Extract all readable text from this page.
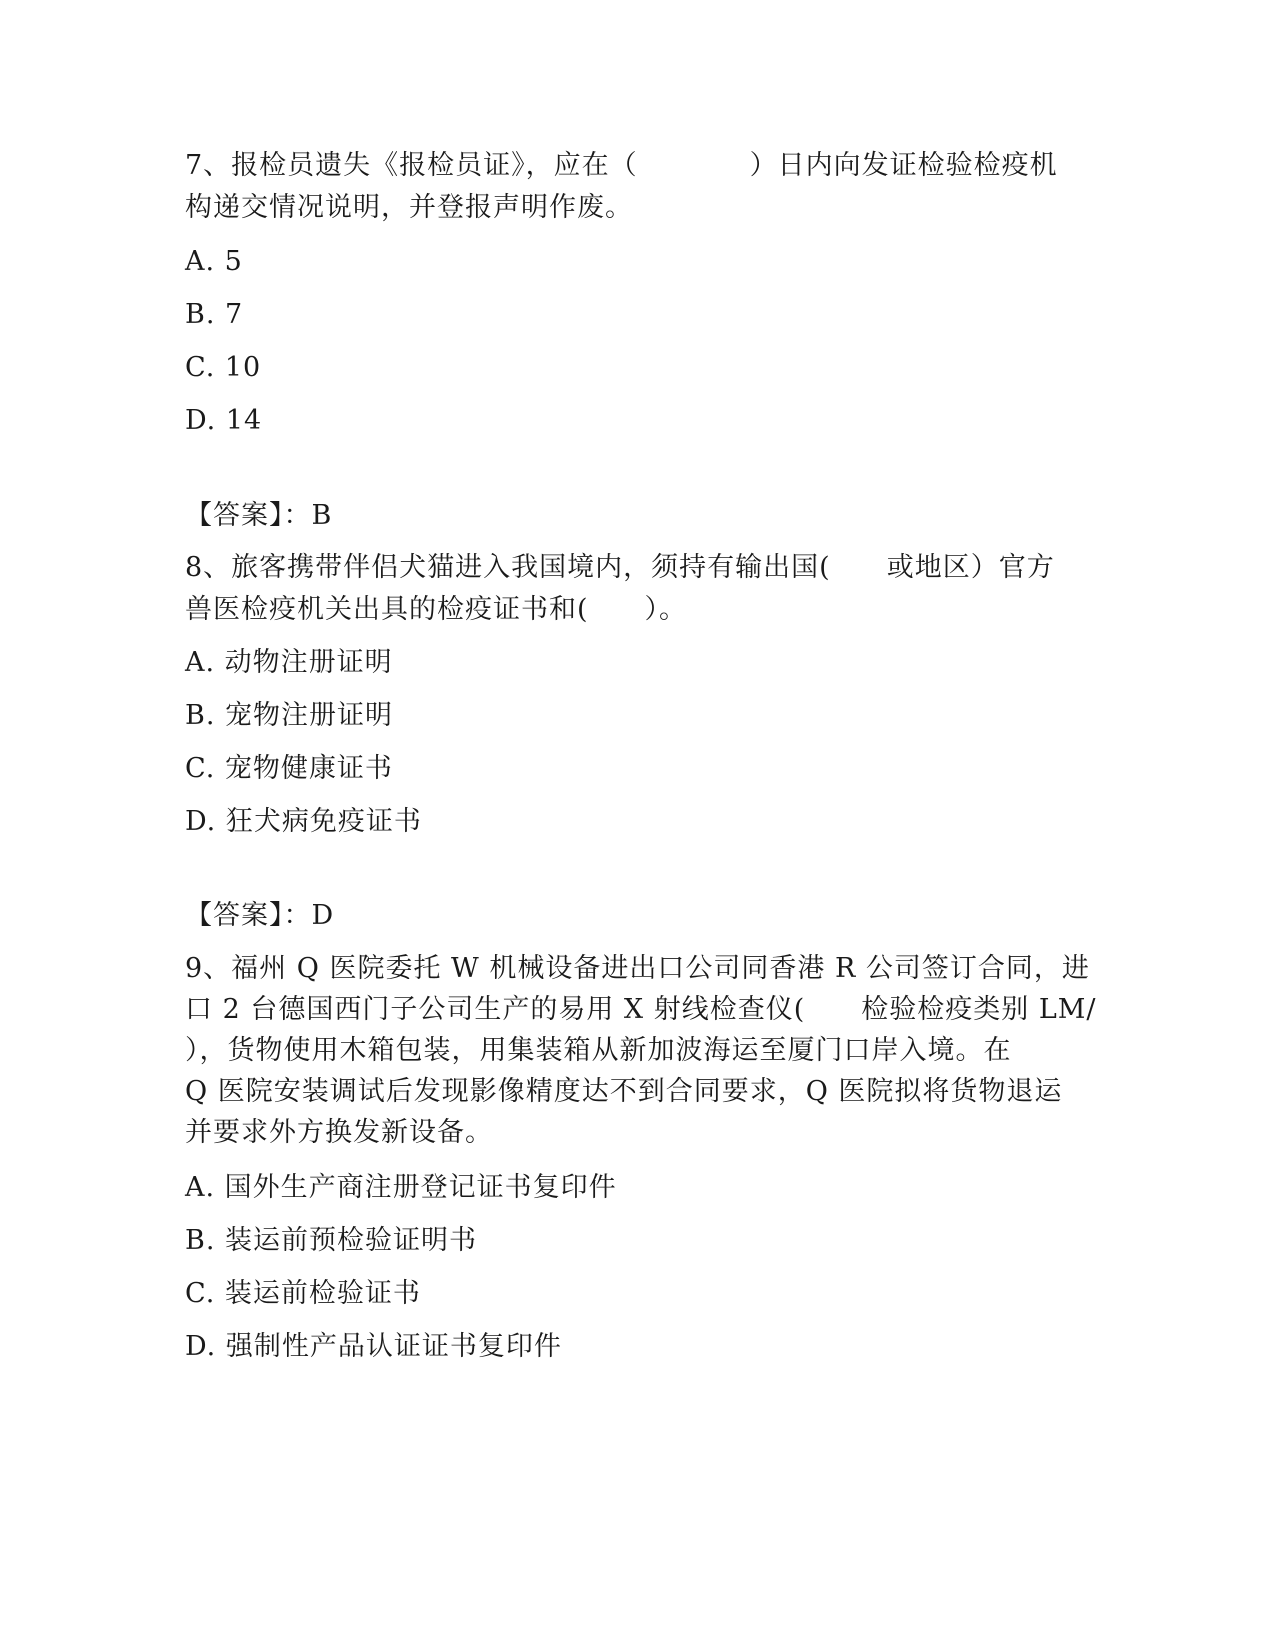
7、报检员遗失《报检员证》，应在（　　　　）日内向发证检验检疫机
构递交情况说明，并登报声明作废。
A. 5
B. 7
C. 10
D. 14
【答案】：B
8、旅客携带伴侣犬猫进入我国境内，须持有输出国(　　或地区）官方
兽医检疫机关出具的检疫证书和(　　）。
A. 动物注册证明
B. 宠物注册证明
C. 宠物健康证书
D. 狂犬病免疫证书
【答案】：D
9、福州 Q 医院委托 W 机械设备进出口公司同香港 R 公司签订合同，进
口 2 台德国西门子公司生产的易用 X 射线检查仪(　　检验检疫类别 LM/
），货物使用木箱包装，用集装箱从新加波海运至厦门口岸入境。在
Q 医院安装调试后发现影像精度达不到合同要求，Q 医院拟将货物退运
并要求外方换发新设备。
A. 国外生产商注册登记证书复印件
B. 装运前预检验证明书
C. 装运前检验证书
D. 强制性产品认证证书复印件
